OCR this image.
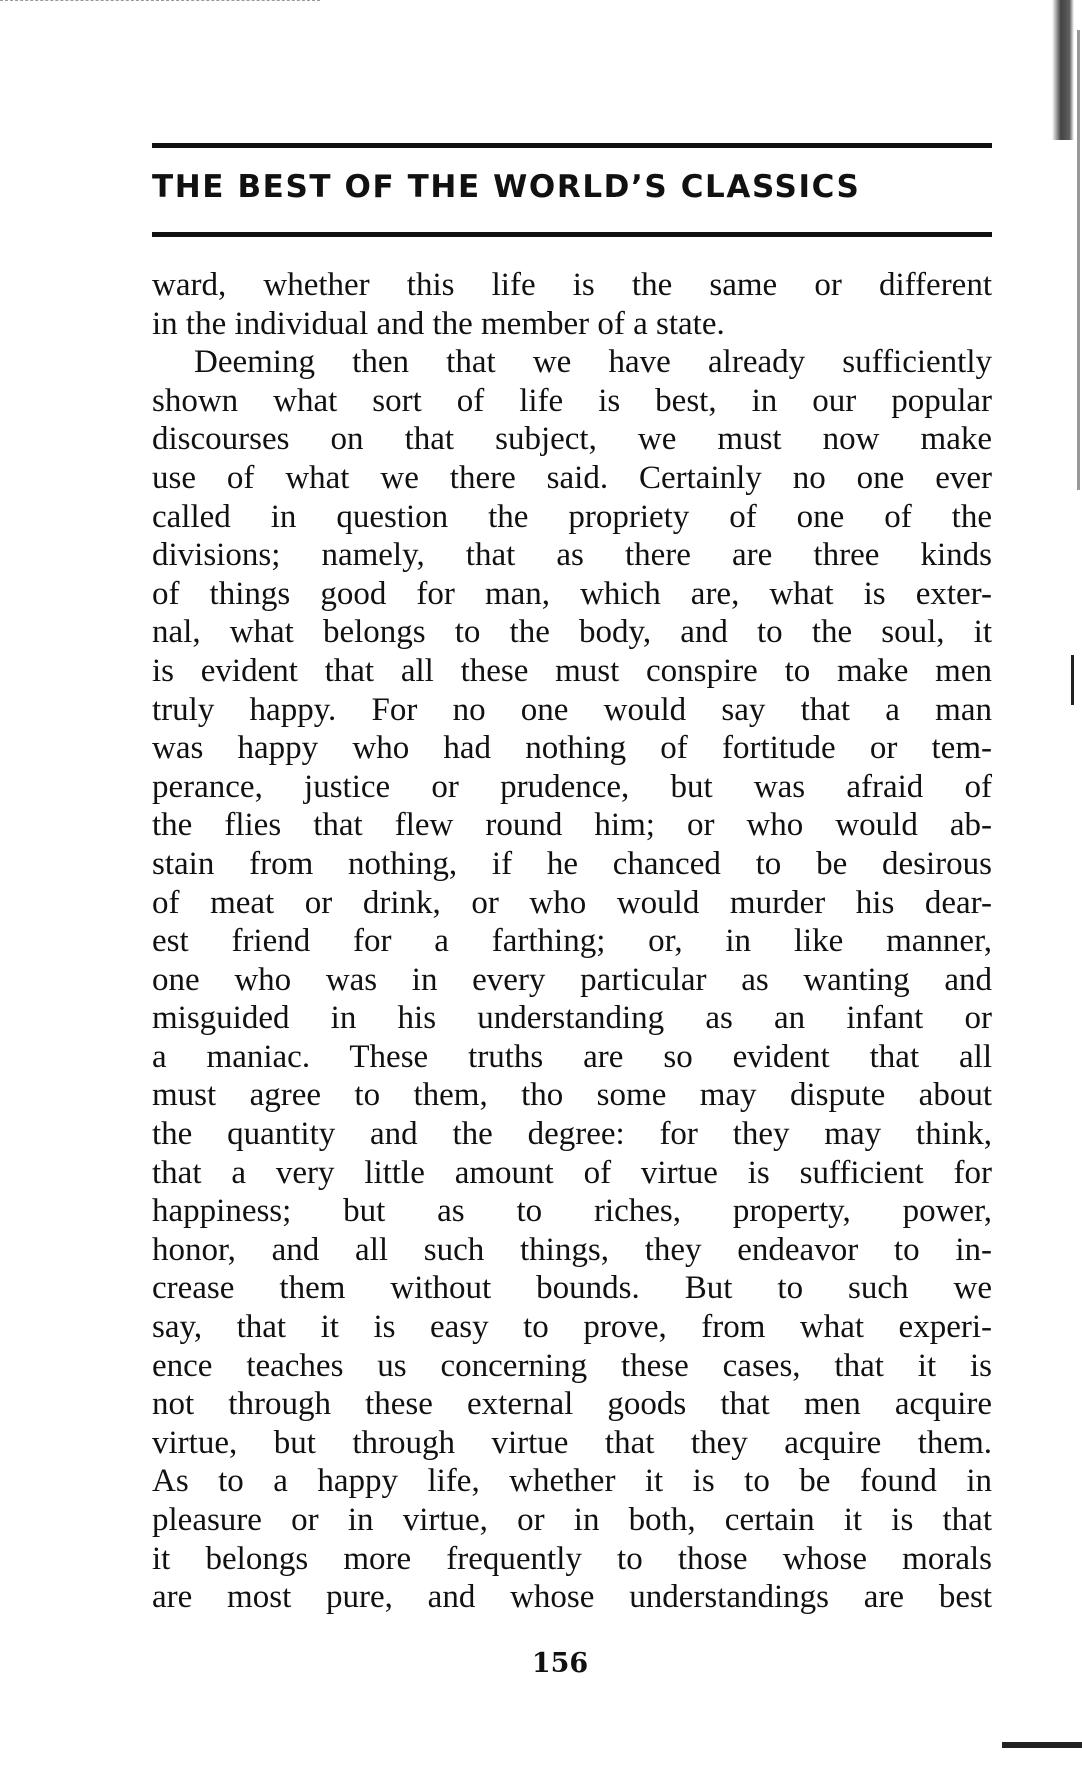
THE BEST OF THE WORLD’S CLASSICS
ward, whether this life is the same or different
in the individual and the member of a state.
Deeming then that we have already sufficiently
shown what sort of life is best, in our popular
discourses on that subject, we must now make
use of what we there said. Certainly no one ever
called in question the propriety of one of the
divisions; namely, that as there are three kinds
of things good for man, which are, what is exter-
nal, what belongs to the body, and to the soul, it
is evident that all these must conspire to make men
truly happy. For no one would say that a man
was happy who had nothing of fortitude or tem-
perance, justice or prudence, but was afraid of
the flies that flew round him; or who would ab-
stain from nothing, if he chanced to be desirous
of meat or drink, or who would murder his dear-
est friend for a farthing; or, in like manner,
one who was in every particular as wanting and
misguided in his understanding as an infant or
a maniac. These truths are so evident that all
must agree to them, tho some may dispute about
the quantity and the degree: for they may think,
that a very little amount of virtue is sufficient for
happiness; but as to riches, property, power,
honor, and all such things, they endeavor to in-
crease them without bounds. But to such we
say, that it is easy to prove, from what experi-
ence teaches us concerning these cases, that it is
not through these external goods that men acquire
virtue, but through virtue that they acquire them.
As to a happy life, whether it is to be found in
pleasure or in virtue, or in both, certain it is that
it belongs more frequently to those whose morals
are most pure, and whose understandings are best
156
